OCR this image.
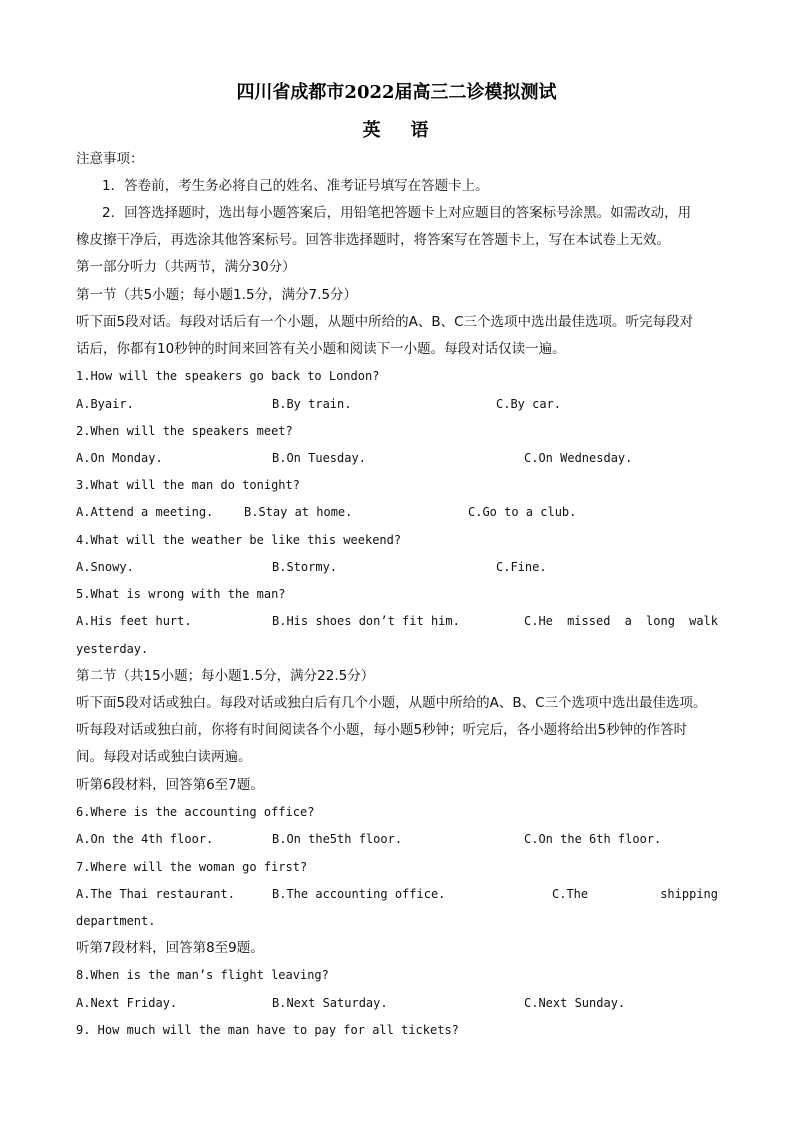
四川省成都市2022届高三二诊模拟测试
英 语
注意事项：
1．答卷前，考生务必将自己的姓名、准考证号填写在答题卡上。
2．回答选择题时，选出每小题答案后，用铅笔把答题卡上对应题目的答案标号涂黑。如需改动，用
橡皮擦干净后，再选涂其他答案标号。回答非选择题时，将答案写在答题卡上，写在本试卷上无效。
第一部分听力（共两节，满分30分）
第一节（共5小题；每小题1.5分，满分7.5分）
听下面5段对话。每段对话后有一个小题，从题中所给的A、B、C三个选项中选出最佳选项。听完每段对
话后，你都有10秒钟的时间来回答有关小题和阅读下一小题。每段对话仅读一遍。
1.How will the speakers go back to London?
A.Byair.	B.By train.	C.By car.
2.When will the speakers meet?
A.On Monday.	B.On Tuesday.	C.On Wednesday.
3.What will the man do tonight?
A.Attend a meeting.	B.Stay at home.	C.Go to a club.
4.What will the weather be like this weekend?
A.Snowy.	B.Stormy.	C.Fine.
5.What is wrong with the man?
A.His feet hurt.	B.His shoes don’t fit him.	C.He missed a long walk
yesterday.
第二节（共15小题；每小题1.5分，满分22.5分）
听下面5段对话或独白。每段对话或独白后有几个小题，从题中所给的A、B、C三个选项中选出最佳选项。
听每段对话或独白前，你将有时间阅读各个小题，每小题5秒钟；听完后，各小题将给出5秒钟的作答时
间。每段对话或独白读两遍。
听第6段材料，回答第6至7题。
6.Where is the accounting office?
A.On the 4th floor.	B.On the5th floor.	C.On the 6th floor.
7.Where will the woman go first?
A.The Thai restaurant.	B.The accounting office.	C.The	shipping
department.
听第7段材料，回答第8至9题。
8.When is the man’s flight leaving?
A.Next Friday.	B.Next Saturday.	C.Next Sunday.
9. How much will the man have to pay for all tickets?
